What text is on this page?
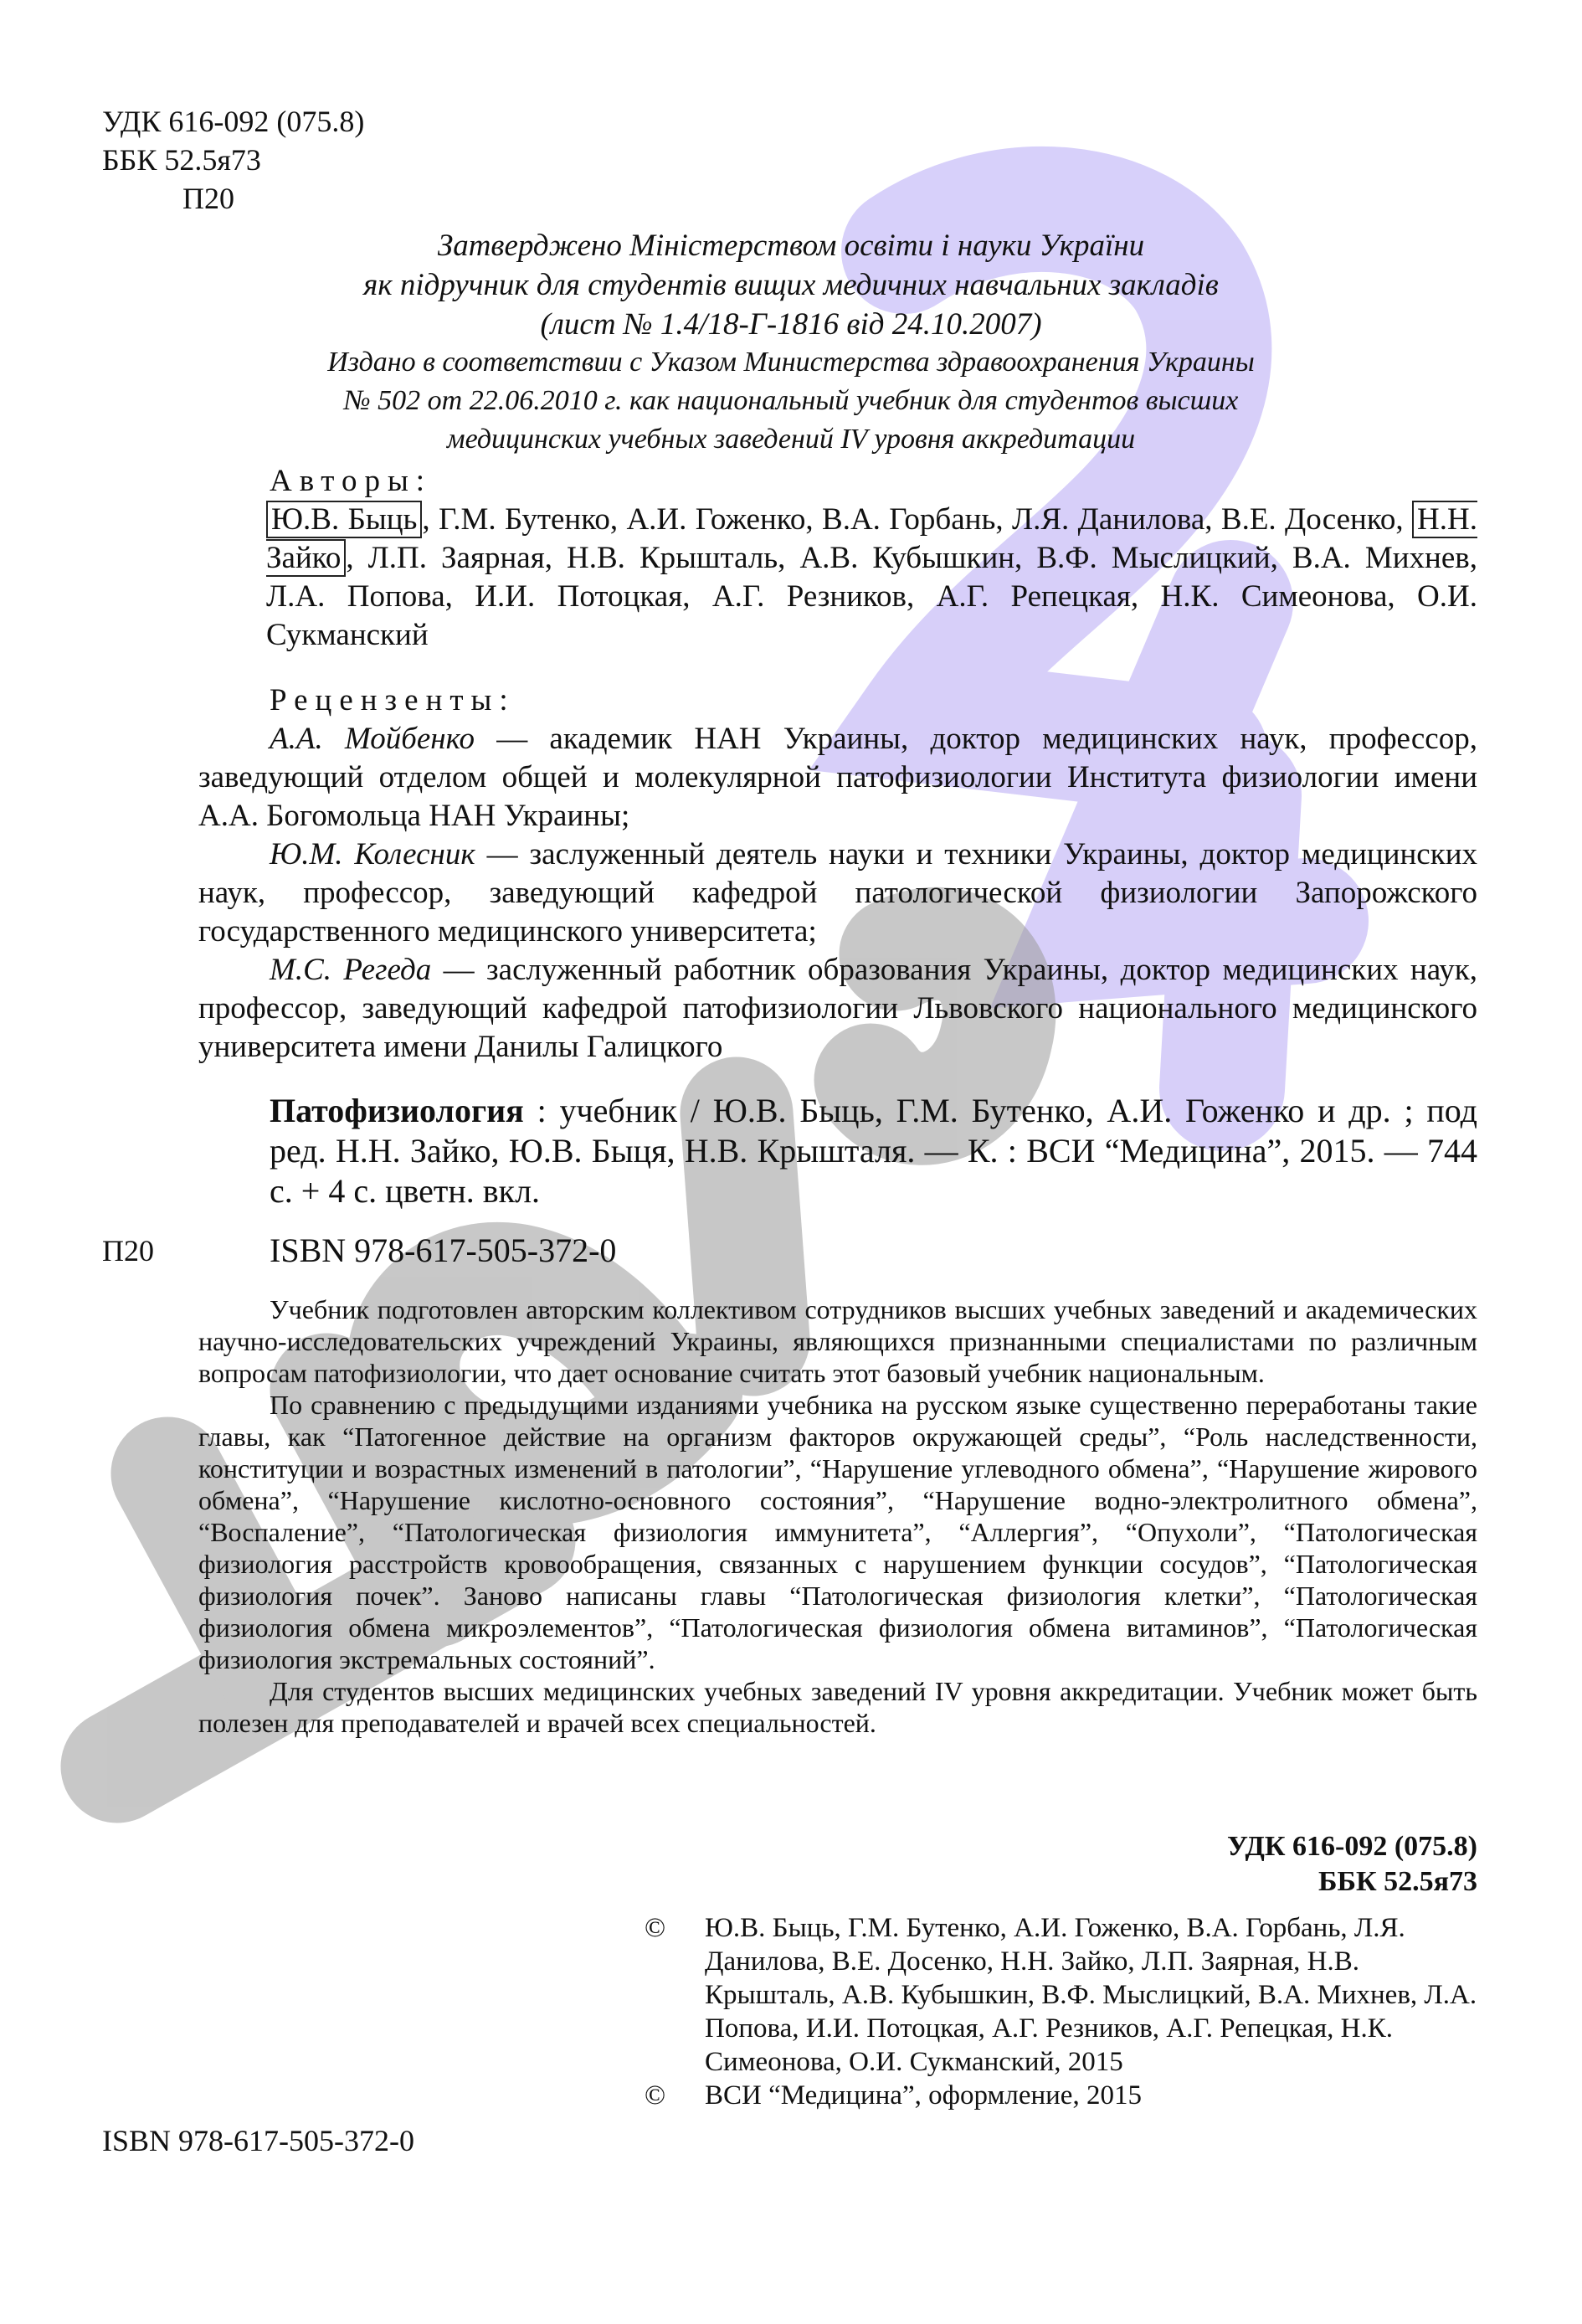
УДК 616-092 (075.8)
ББК 52.5я73
П20
Затверджено Міністерством освіти і науки України
як підручник для студентів вищих медичних навчальних закладів
(лист № 1.4/18-Г-1816 від 24.10.2007)
Издано в соответствии с Указом Министерства здравоохранения Украины
№ 502 от 22.06.2010 г. как национальный учебник для студентов высших
медицинских учебных заведений IV уровня аккредитации
Авторы:
Ю.В. Быць , Г.М. Бутенко, А.И. Гоженко, В.А. Горбань, Л.Я. Данилова, В.Е. Досенко, Н.Н. Зайко , Л.П. Заярная, Н.В. Крышталь, А.В. Кубышкин, В.Ф. Мыслицкий, В.А. Михнев, Л.А. Попова, И.И. Потоцкая, А.Г. Резников, А.Г. Репецкая, Н.К. Симеонова, О.И. Сукманский
Рецензенты:

А.А. Мойбенко — академик НАН Украины, доктор медицинских наук, профессор, заведующий отделом общей и молекулярной патофизиологии Института физиологии имени А.А. Богомольца НАН Украины;

Ю.М. Колесник — заслуженный деятель науки и техники Украины, доктор медицинских наук, профессор, заведующий кафедрой патологической физиологии Запорожского государственного медицинского университета;

М.С. Регеда — заслуженный работник образования Украины, доктор медицинских наук, профессор, заведующий кафедрой патофизиологии Львовского национального медицинского университета имени Данилы Галицкого

Патофизиология : учебник / Ю.В. Быць, Г.М. Бутенко, А.И. Гоженко и др. ; под ред. Н.Н. Зайко, Ю.В. Быця, Н.В. Крышталя. — К. : ВСИ “Медицина”, 2015. — 744 с. + 4 с. цветн. вкл.

П20	ISBN 978-617-505-372-0

Учебник подготовлен авторским коллективом сотрудников высших учебных заведений и академических научно-исследовательских учреждений Украины, являющихся признанными специалистами по различным вопросам патофизиологии, что дает основание считать этот базовый учебник национальным.

По сравнению с предыдущими изданиями учебника на русском языке существенно переработаны такие главы, как “Патогенное действие на организм факторов окружающей среды”, “Роль наследственности, конституции и возрастных изменений в патологии”, “Нарушение углеводного обмена”, “Нарушение жирового обмена”, “Нарушение кислотно-основного состояния”, “Нарушение водно-электролитного обмена”, “Воспаление”, “Патологическая физиология иммунитета”, “Аллергия”, “Опухоли”, “Патологическая физиология расстройств кровообращения, связанных с нарушением функции сосудов”, “Патологическая физиология почек”. Заново написаны главы “Патологическая физиология клетки”, “Патологическая физиология обмена микроэлементов”, “Патологическая физиология обмена витаминов”, “Патологическая физиология экстремальных состояний”.

Для студентов высших медицинских учебных заведений IV уровня аккредитации. Учебник может быть полезен для преподавателей и врачей всех специальностей.

УДК 616-092 (075.8)
ББК 52.5я73
©	Ю.В. Быць, Г.М. Бутенко, А.И. Гоженко, В.А. Горбань, Л.Я. Данилова, В.Е. Досенко, Н.Н. Зайко, Л.П. Заярная, Н.В. Крышталь, А.В. Кубышкин, В.Ф. Мыслицкий, В.А. Михнев, Л.А. Попова, И.И. Потоцкая, А.Г. Резников, А.Г. Репецкая, Н.К. Симеонова, О.И. Сукманский, 2015
©	ВСИ “Медицина”, оформление, 2015
ISBN 978-617-505-372-0
